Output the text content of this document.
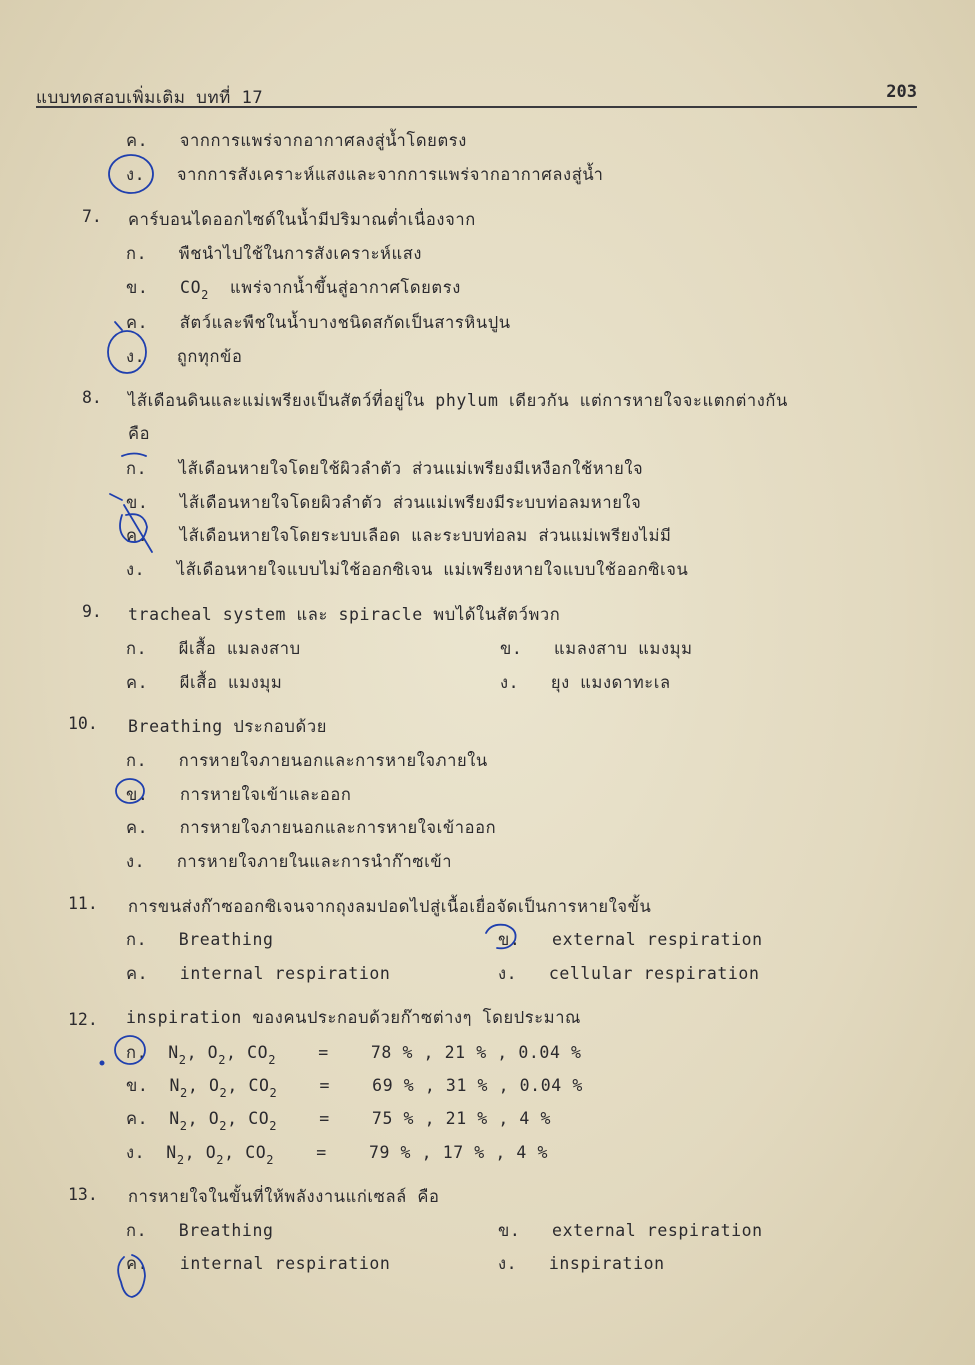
แบบทดสอบเพิ่มเติม บทที่ 17	203
ค. จากการแพร่จากอากาศลงสู่น้ำโดยตรง
ง. จากการสังเคราะห์แสงและจากการแพร่จากอากาศลงสู่น้ำ
7. คาร์บอนไดออกไซด์ในน้ำมีปริมาณต่ำเนื่องจาก
ก. พืชนำไปใช้ในการสังเคราะห์แสง
ข. $CO_2$ แพร่จากน้ำขึ้นสู่อากาศโดยตรง
ค. สัตว์และพืชในน้ำบางชนิดสกัดเป็นสารหินปูน
ง. ถูกทุกข้อ
8. ไส้เดือนดินและแม่เพรียงเป็นสัตว์ที่อยู่ใน phylum เดียวกัน แต่การหายใจจะแตกต่างกัน
คือ
ก. ไส้เดือนหายใจโดยใช้ผิวลำตัว ส่วนแม่เพรียงมีเหงือกใช้หายใจ
ข. ไส้เดือนหายใจโดยผิวลำตัว ส่วนแม่เพรียงมีระบบท่อลมหายใจ
ค. ไส้เดือนหายใจโดยระบบเลือด และระบบท่อลม ส่วนแม่เพรียงไม่มี
ง. ไส้เดือนหายใจแบบไม่ใช้ออกซิเจน แม่เพรียงหายใจแบบใช้ออกซิเจน
9. tracheal system และ spiracle พบได้ในสัตว์พวก
ก. ผีเสื้อ แมลงสาบ	ข. แมลงสาบ แมงมุม
ค. ผีเสื้อ แมงมุม	ง. ยุง แมงดาทะเล
10. Breathing ประกอบด้วย
ก. การหายใจภายนอกและการหายใจภายใน
ข. การหายใจเข้าและออก
ค. การหายใจภายนอกและการหายใจเข้าออก
ง. การหายใจภายในและการนำก๊าซเข้า
11. การขนส่งก๊าซออกซิเจนจากถุงลมปอดไปสู่เนื้อเยื่อจัดเป็นการหายใจขั้น
ก. Breathing	ข. external respiration
ค. internal respiration	ง. cellular respiration
12. inspiration ของคนประกอบด้วยก๊าซต่างๆ โดยประมาณ
ก. $N_2$, $O_2$, $CO_2$	=	78 % , 21 % , 0.04 %
ข. $N_2$, $O_2$, $CO_2$	=	69 % , 31 % , 0.04 %
ค. $N_2$, $O_2$, $CO_2$	=	75 % , 21 % , 4 %
ง. $N_2$, $O_2$, $CO_2$	=	79 % , 17 % , 4 %
13. การหายใจในขั้นที่ให้พลังงานแก่เซลล์ คือ
ก. Breathing	ข. external respiration
ค. internal respiration	ง. inspiration
